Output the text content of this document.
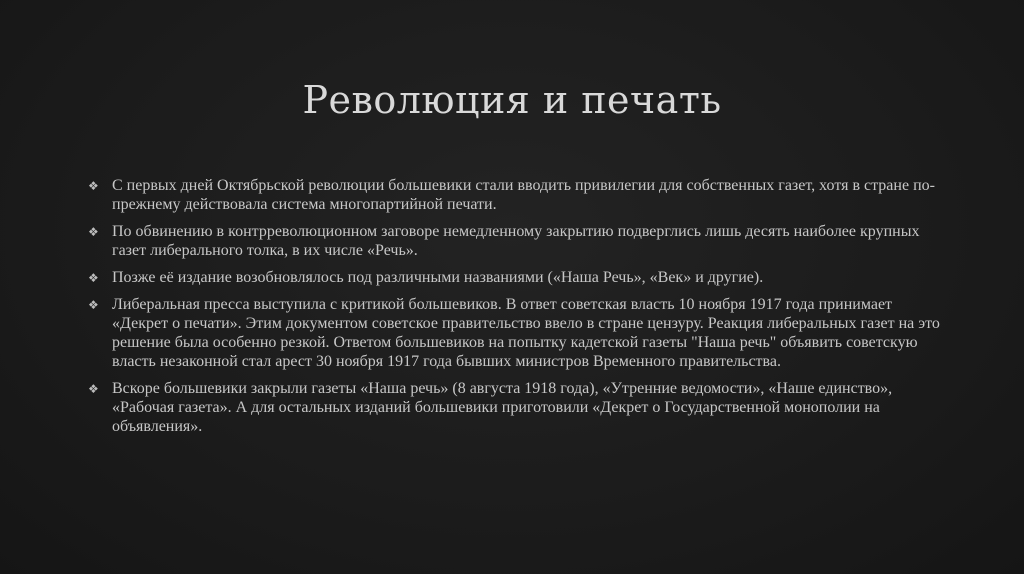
Революция и печать
❖ С первых дней Октябрьской революции большевики стали вводить привилегии для собственных газет, хотя в стране по-прежнему действовала система многопартийной печати.
❖ По обвинению в контрреволюционном заговоре немедленному закрытию подверглись лишь десять наиболее крупных газет либерального толка, в их числе «Речь».
❖ Позже её издание возобновлялось под различными названиями («Наша Речь», «Век» и другие).
❖ Либеральная пресса выступила с критикой большевиков. В ответ советская власть 10 ноября 1917 года принимает «Декрет о печати». Этим документом советское правительство ввело в стране цензуру. Реакция либеральных газет на это решение была особенно резкой. Ответом большевиков на попытку кадетской газеты "Наша речь" объявить советскую власть незаконной стал арест 30 ноября 1917 года бывших министров Временного правительства.
❖ Вскоре большевики закрыли газеты «Наша речь» (8 августа 1918 года), «Утренние ведомости», «Наше единство», «Рабочая газета». А для остальных изданий большевики приготовили «Декрет о Государственной монополии на объявления».
